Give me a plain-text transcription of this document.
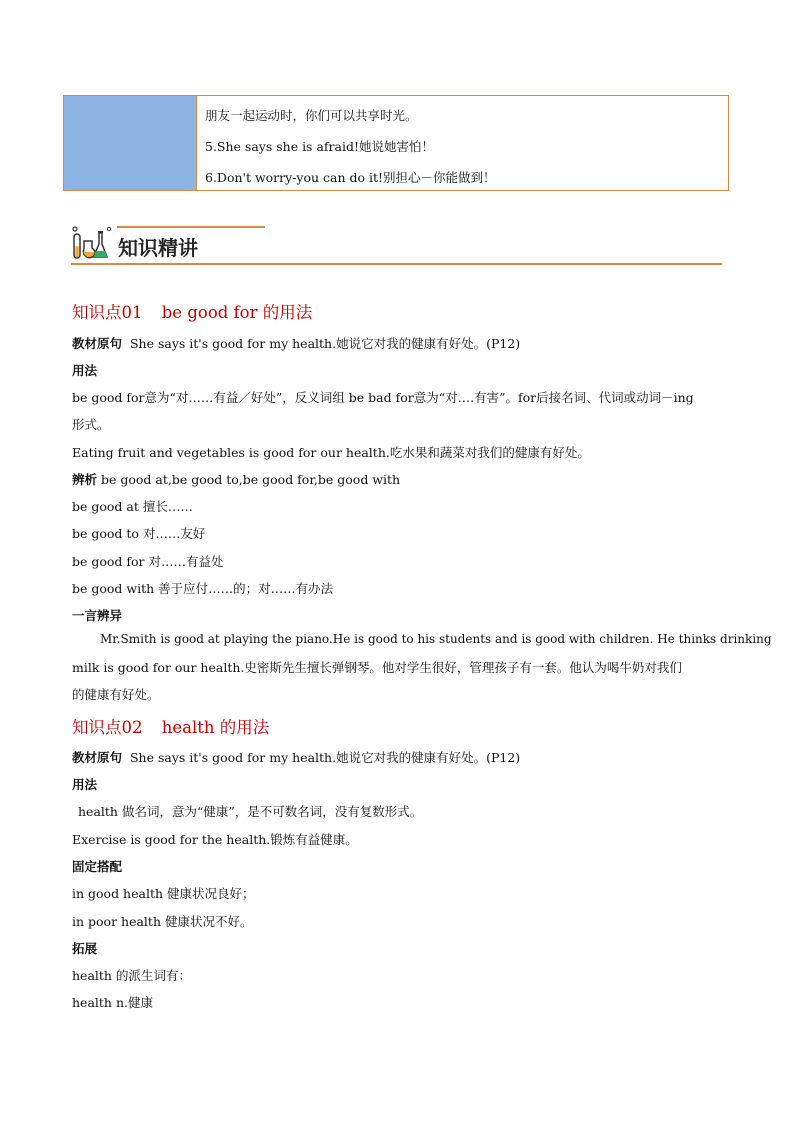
朋友一起运动时，你们可以共享时光。
5.She says she is afraid!她说她害怕！
6.Don't worry-you can do it!别担心－你能做到！
知识精讲
知识点01 be good for 的用法
教材原句 She says it's good for my health.她说它对我的健康有好处。(P12)
用法
be good for意为“对……有益／好处”，反义词组 be bad for意为“对….有害”。for后接名词、代词或动词－ing
形式。
Eating fruit and vegetables is good for our health.吃水果和蔬菜对我们的健康有好处。
辨析 be good at,be good to,be good for,be good with
be good at 擅长……
be good to 对……友好
be good for 对……有益处
be good with 善于应付……的；对……有办法
一言辨异
Mr.Smith is good at playing the piano.He is good to his students and is good with children. He thinks drinking
milk is good for our health.史密斯先生擅长弹钢琴。他对学生很好，管理孩子有一套。他认为喝牛奶对我们
的健康有好处。
知识点02 health 的用法
教材原句 She says it's good for my health.她说它对我的健康有好处。(P12)
用法
health 做名词，意为“健康”，是不可数名词，没有复数形式。
Exercise is good for the health.锻炼有益健康。
固定搭配
in good health 健康状况良好；
in poor health 健康状况不好。
拓展
health 的派生词有：
health n.健康
